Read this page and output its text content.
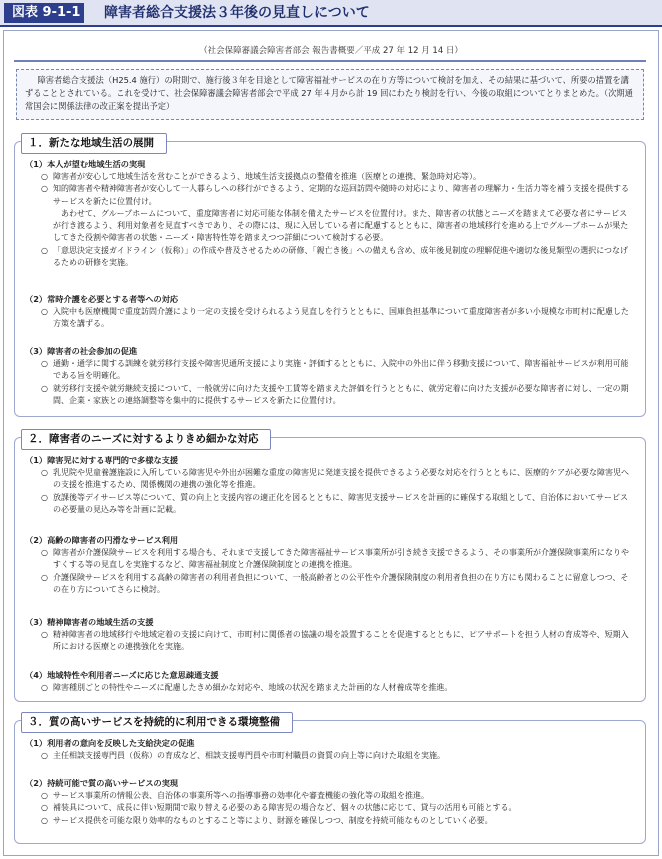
図表 9-1-1 障害者総合支援法３年後の見直しについて
（社会保障審議会障害者部会 報告書概要／平成 27 年 12 月 14 日）
障害者総合支援法（H25.4 施行）の附則で、施行後３年を目途として障害福祉サービスの在り方等について検討を加え、その結果に基づいて、所要の措置を講ずることとされている。これを受けて、社会保障審議会障害者部会で平成 27 年４月から計 19 回にわたり検討を行い、今後の取組についてとりまとめた。（次期通常国会に関係法律の改正案を提出予定）
１．新たな地域生活の展開
（1）本人が望む地域生活の実現
○ 障害者が安心して地域生活を営むことができるよう、地域生活支援拠点の整備を推進（医療との連携、緊急時対応等）。
○ 知的障害者や精神障害者が安心して一人暮らしへの移行ができるよう、定期的な巡回訪問や随時の対応により、障害者の理解力・生活力等を補う支援を提供するサービスを新たに位置付け。
あわせて、グループホームについて、重度障害者に対応可能な体制を備えたサービスを位置付け。また、障害者の状態とニーズを踏まえて必要な者にサービスが行き渡るよう、利用対象者を見直すべきであり、その際には、現に入居している者に配慮するとともに、障害者の地域移行を進める上でグループホームが果たしてきた役割や障害者の状態・ニーズ・障害特性等を踏まえつつ詳細について検討する必要。
○ 「意思決定支援ガイドライン（仮称）」の作成や普及させるための研修、「親亡き後」への備えも含め、成年後見制度の理解促進や適切な後見類型の選択につなげるための研修を実施。
（2）常時介護を必要とする者等への対応
○ 入院中も医療機関で重度訪問介護により一定の支援を受けられるよう見直しを行うとともに、国庫負担基準について重度障害者が多い小規模な市町村に配慮した方策を講ずる。
（3）障害者の社会参加の促進
○ 通勤・通学に関する訓練を就労移行支援や障害児通所支援により実施・評価するとともに、入院中の外出に伴う移動支援について、障害福祉サービスが利用可能である旨を明確化。
○ 就労移行支援や就労継続支援について、一般就労に向けた支援や工賃等を踏まえた評価を行うとともに、就労定着に向けた支援が必要な障害者に対し、一定の期間、企業・家族との連絡調整等を集中的に提供するサービスを新たに位置付け。
２．障害者のニーズに対するよりきめ細かな対応
（1）障害児に対する専門的で多様な支援
○ 乳児院や児童養護施設に入所している障害児や外出が困難な重度の障害児に発達支援を提供できるよう必要な対応を行うとともに、医療的ケアが必要な障害児への支援を推進するため、関係機関の連携の強化等を推進。
○ 放課後等デイサービス等について、質の向上と支援内容の適正化を図るとともに、障害児支援サービスを計画的に確保する取組として、自治体においてサービスの必要量の見込み等を計画に記載。
（2）高齢の障害者の円滑なサービス利用
○ 障害者が介護保険サービスを利用する場合も、それまで支援してきた障害福祉サービス事業所が引き続き支援できるよう、その事業所が介護保険事業所になりやすくする等の見直しを実施するなど、障害福祉制度と介護保険制度との連携を推進。
○ 介護保険サービスを利用する高齢の障害者の利用者負担について、一般高齢者との公平性や介護保険制度の利用者負担の在り方にも関わることに留意しつつ、その在り方についてさらに検討。
（3）精神障害者の地域生活の支援
○ 精神障害者の地域移行や地域定着の支援に向けて、市町村に関係者の協議の場を設置することを促進するとともに、ピアサポートを担う人材の育成等や、短期入所における医療との連携強化を実施。
（4）地域特性や利用者ニーズに応じた意思疎通支援
○ 障害種別ごとの特性やニーズに配慮したきめ細かな対応や、地域の状況を踏まえた計画的な人材養成等を推進。
３．質の高いサービスを持続的に利用できる環境整備
（1）利用者の意向を反映した支給決定の促進
○ 主任相談支援専門員（仮称）の育成など、相談支援専門員や市町村職員の資質の向上等に向けた取組を実施。
（2）持続可能で質の高いサービスの実現
○ サービス事業所の情報公表、自治体の事業所等への指導事務の効率化や審査機能の強化等の取組を推進。
○ 補装具について、成長に伴い短期間で取り替える必要のある障害児の場合など、個々の状態に応じて、貸与の活用も可能とする。
○ サービス提供を可能な限り効率的なものとすること等により、財源を確保しつつ、制度を持続可能なものとしていく必要。
